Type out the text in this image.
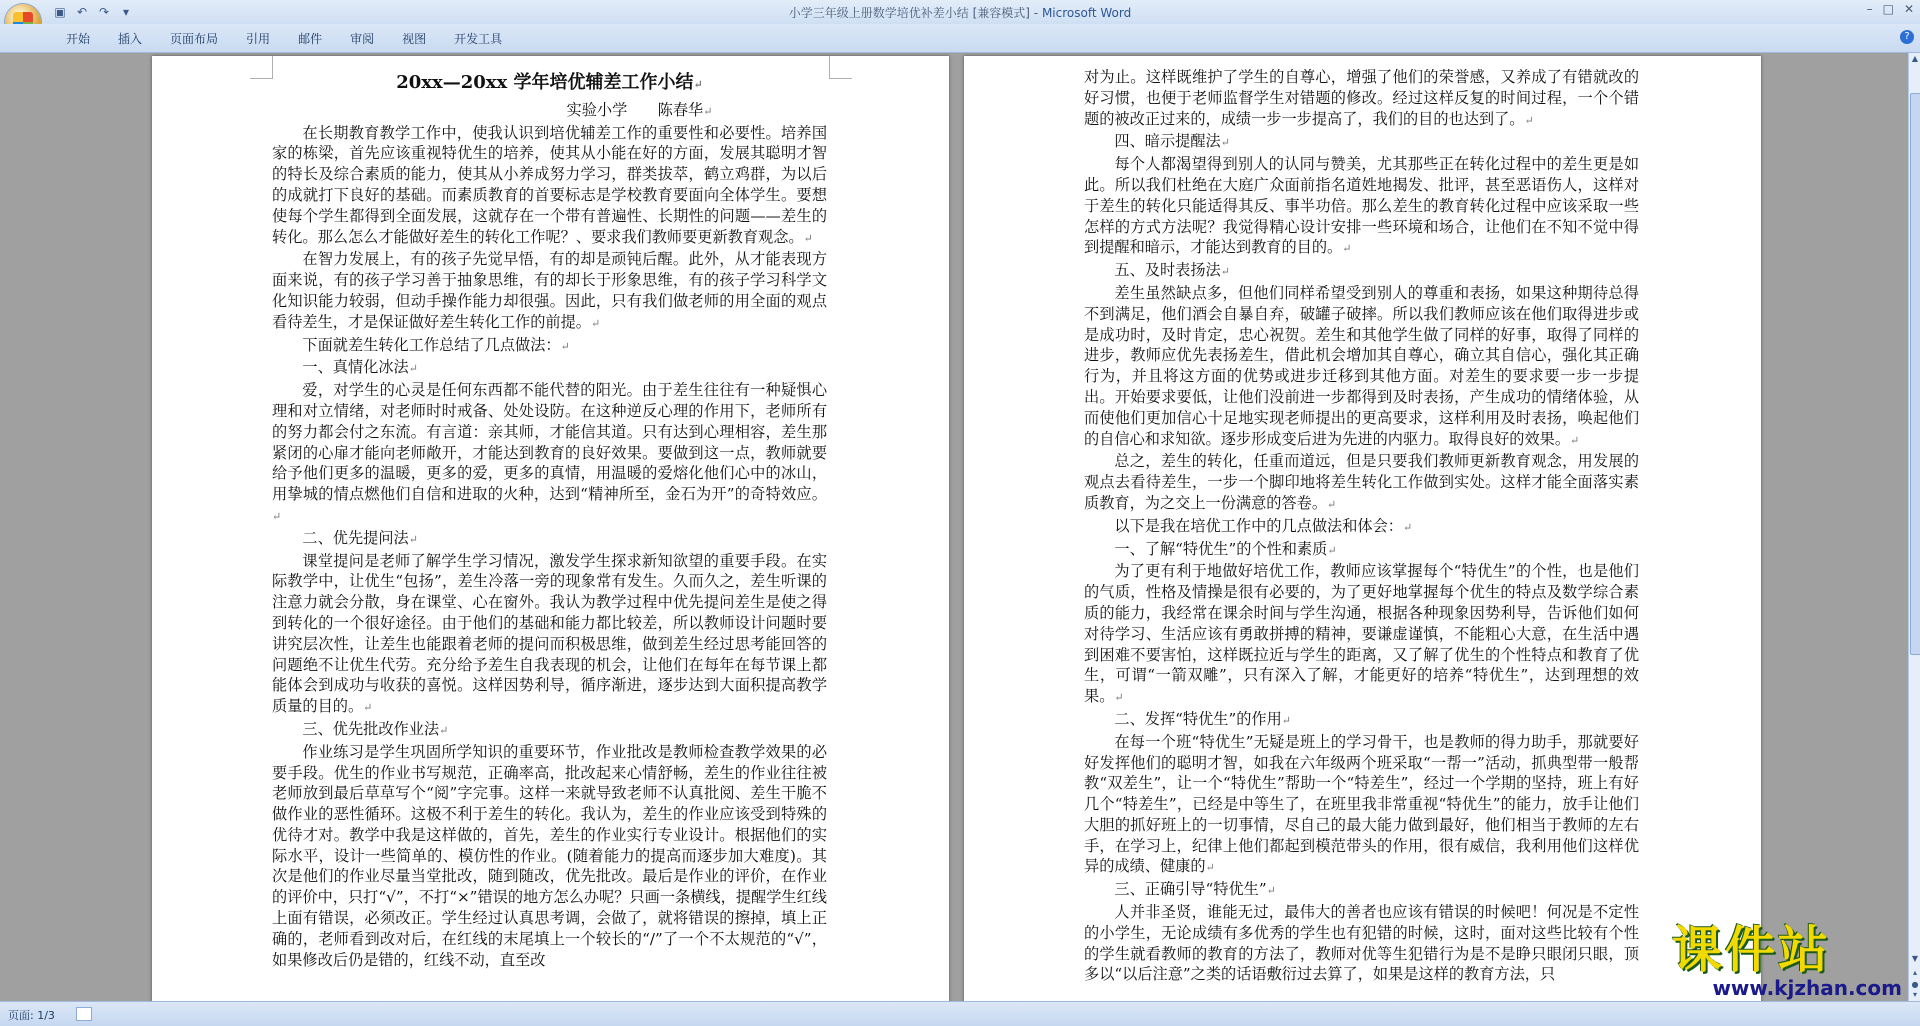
▣ ↶ ↷	▾	小学三年级上册数学培优补差小结 [兼容模式] - Microsoft Word	– □ ✕
开始	插入	页面布局	引用	邮件	审阅	视图	开发工具	?
20xx—20xx 学年培优辅差工作小结↵

实验小学　　陈春华↵

在长期教育教学工作中，使我认识到培优辅差工作的重要性和必要性。培养国家的栋梁，首先应该重视特优生的培养，使其从小能在好的方面，发展其聪明才智的特长及综合素质的能力，使其从小养成努力学习，群类拔萃，鹤立鸡群，为以后的成就打下良好的基础。而素质教育的首要标志是学校教育要面向全体学生。要想使每个学生都得到全面发展，这就存在一个带有普遍性、长期性的问题——差生的转化。那么怎么才能做好差生的转化工作呢？、要求我们教师要更新教育观念。↵

在智力发展上，有的孩子先觉早悟，有的却是顽钝后醒。此外，从才能表现方面来说，有的孩子学习善于抽象思维，有的却长于形象思维，有的孩子学习科学文化知识能力较弱，但动手操作能力却很强。因此，只有我们做老师的用全面的观点看待差生，才是保证做好差生转化工作的前提。↵

下面就差生转化工作总结了几点做法：↵

一、真情化冰法↵

爱，对学生的心灵是任何东西都不能代替的阳光。由于差生往往有一种疑惧心理和对立情绪，对老师时时戒备、处处设防。在这种逆反心理的作用下，老师所有的努力都会付之东流。有言道：亲其师，才能信其道。只有达到心理相容，差生那紧闭的心扉才能向老师敞开，才能达到教育的良好效果。要做到这一点，教师就要给予他们更多的温暖，更多的爱，更多的真情，用温暖的爱熔化他们心中的冰山，用挚城的情点燃他们自信和进取的火种，达到“精神所至，金石为开”的奇特效应。↵

二、优先提问法↵

课堂提问是老师了解学生学习情况，激发学生探求新知欲望的重要手段。在实际教学中，让优生“包扬”，差生冷落一旁的现象常有发生。久而久之，差生听课的注意力就会分散，身在课堂、心在窗外。我认为教学过程中优先提问差生是使之得到转化的一个很好途径。由于他们的基础和能力都比较差，所以教师设计问题时要讲究层次性，让差生也能跟着老师的提问而积极思维，做到差生经过思考能回答的问题绝不让优生代劳。充分给予差生自我表现的机会，让他们在每年在每节课上都能体会到成功与收获的喜悦。这样因势利导，循序渐进，逐步达到大面积提高教学质量的目的。↵

三、优先批改作业法↵

作业练习是学生巩固所学知识的重要环节，作业批改是教师检查教学效果的必要手段。优生的作业书写规范，正确率高，批改起来心情舒畅，差生的作业往往被老师放到最后草草写个“阅”字完事。这样一来就导致老师不认真批阅、差生干脆不做作业的恶性循环。这极不利于差生的转化。我认为，差生的作业应该受到特殊的优待才对。教学中我是这样做的，首先，差生的作业实行专业设计。根据他们的实际水平，设计一些简单的、模仿性的作业。(随着能力的提高而逐步加大难度)。其次是他们的作业尽量当堂批改，随到随改，优先批改。最后是作业的评价，在作业的评价中，只打“√”，不打“×”错误的地方怎么办呢？只画一条横线，提醒学生红线上面有错误，必须改正。学生经过认真思考调，会做了，就将错误的擦掉，填上正确的，老师看到改对后，在红线的末尾填上一个较长的“/”了一个不太规范的“√”，如果修改后仍是错的，红线不动，直至改

对为止。这样既维护了学生的自尊心，增强了他们的荣誉感，又养成了有错就改的好习惯，也便于老师监督学生对错题的修改。经过这样反复的时间过程，一个个错题的被改正过来的，成绩一步一步提高了，我们的目的也达到了。↵

四、暗示提醒法↵

每个人都渴望得到别人的认同与赞美，尤其那些正在转化过程中的差生更是如此。所以我们杜绝在大庭广众面前指名道姓地揭发、批评，甚至恶语伤人，这样对于差生的转化只能适得其反、事半功倍。那么差生的教育转化过程中应该采取一些怎样的方式方法呢？我觉得精心设计安排一些环境和场合，让他们在不知不觉中得到提醒和暗示，才能达到教育的目的。↵

五、及时表扬法↵

差生虽然缺点多，但他们同样希望受到别人的尊重和表扬，如果这种期待总得不到满足，他们酒会自暴自弃，破罐子破摔。所以我们教师应该在他们取得进步或是成功时，及时肯定，忠心祝贺。差生和其他学生做了同样的好事，取得了同样的进步，教师应优先表扬差生，借此机会增加其自尊心，确立其自信心，强化其正确行为，并且将这方面的优势或进步迁移到其他方面。对差生的要求要一步一步提出。开始要求要低，让他们没前进一步都得到及时表扬，产生成功的情绪体验，从而使他们更加信心十足地实现老师提出的更高要求，这样利用及时表扬，唤起他们的自信心和求知欲。逐步形成变后进为先进的内驱力。取得良好的效果。↵

总之，差生的转化，任重而道远，但是只要我们教师更新教育观念，用发展的观点去看待差生，一步一个脚印地将差生转化工作做到实处。这样才能全面落实素质教育，为之交上一份满意的答卷。↵

以下是我在培优工作中的几点做法和体会：↵

一、了解“特优生”的个性和素质↵

为了更有利于地做好培优工作，教师应该掌握每个“特优生”的个性，也是他们的气质，性格及情操是很有必要的，为了更好地掌握每个优生的特点及数学综合素质的能力，我经常在课余时间与学生沟通，根据各种现象因势利导，告诉他们如何对待学习、生活应该有勇敢拼搏的精神，要谦虚谨慎，不能粗心大意，在生活中遇到困难不要害怕，这样既拉近与学生的距离，又了解了优生的个性特点和教育了优生，可谓“一箭双雕”，只有深入了解，才能更好的培养“特优生”，达到理想的效果。↵

二、发挥“特优生”的作用↵

在每一个班“特优生”无疑是班上的学习骨干，也是教师的得力助手，那就要好好发挥他们的聪明才智，如我在六年级两个班采取“一帮一”活动，抓典型带一般帮教“双差生”，让一个“特优生”帮助一个“特差生”，经过一个学期的坚持，班上有好几个“特差生”，已经是中等生了，在班里我非常重视“特优生”的能力，放手让他们大胆的抓好班上的一切事情，尽自己的最大能力做到最好，他们相当于教师的左右手，在学习上，纪律上他们都起到模范带头的作用，很有威信，我利用他们这样优异的成绩、健康的↵

三、正确引导“特优生”↵

人并非圣贤，谁能无过，最伟大的善者也应该有错误的时候吧！何况是不定性的小学生，无论成绩有多优秀的学生也有犯错的时候，这时，面对这些比较有个性的学生就看教师的教育的方法了，教师对优等生犯错行为是不是睁只眼闭只眼，顶多以“以后注意”之类的话语敷衍过去算了，如果是这样的教育方法，只

▲
▼
▴
●
▾
页面: 1/3
课件站
www.kjzhan.com
